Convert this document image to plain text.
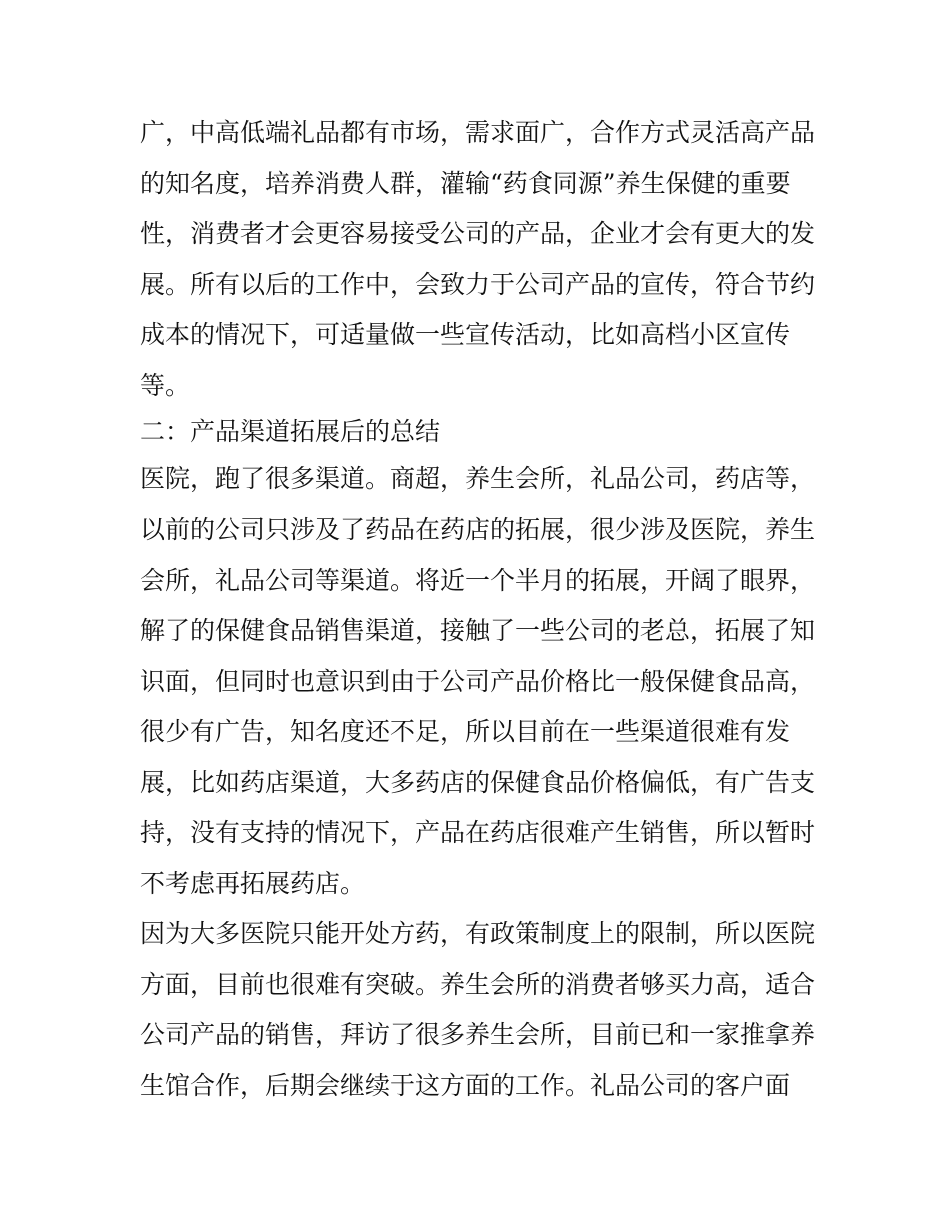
广，中高低端礼品都有市场，需求面广，合作方式灵活高产品
的知名度，培养消费人群，灌输“药食同源”养生保健的重要
性，消费者才会更容易接受公司的产品，企业才会有更大的发
展。所有以后的工作中，会致力于公司产品的宣传，符合节约
成本的情况下，可适量做一些宣传活动，比如高档小区宣传
等。
二：产品渠道拓展后的总结
医院，跑了很多渠道。商超，养生会所，礼品公司，药店等，
以前的公司只涉及了药品在药店的拓展，很少涉及医院，养生
会所，礼品公司等渠道。将近一个半月的拓展，开阔了眼界，
解了的保健食品销售渠道，接触了一些公司的老总，拓展了知
识面，但同时也意识到由于公司产品价格比一般保健食品高，
很少有广告，知名度还不足，所以目前在一些渠道很难有发
展，比如药店渠道，大多药店的保健食品价格偏低，有广告支
持，没有支持的情况下，产品在药店很难产生销售，所以暂时
不考虑再拓展药店。
因为大多医院只能开处方药，有政策制度上的限制，所以医院
方面，目前也很难有突破。养生会所的消费者够买力高，适合
公司产品的销售，拜访了很多养生会所，目前已和一家推拿养
生馆合作，后期会继续于这方面的工作。礼品公司的客户面
